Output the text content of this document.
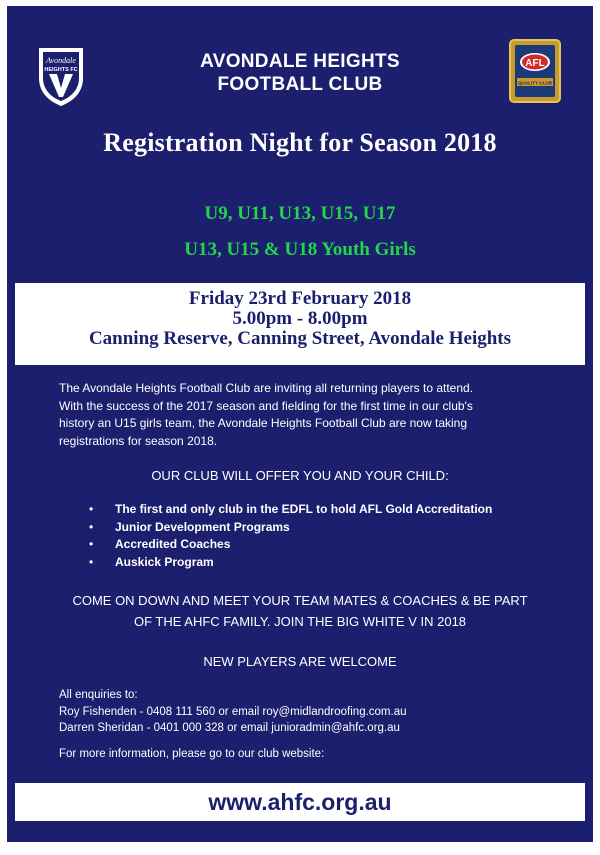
Avondale
HEIGHTS FC	AVONDALE HEIGHTS
FOOTBALL CLUB
AFL
QUALITY CLUB
Registration Night for Season 2018
U9, U11, U13, U15, U17
U13, U15 & U18 Youth Girls
Friday 23rd February 2018
5.00pm - 8.00pm
Canning Reserve, Canning Street, Avondale Heights
The Avondale Heights Football Club are inviting all returning players to attend.
With the success of the 2017 season and fielding for the first time in our club's
history an U15 girls team, the Avondale Heights Football Club are now taking
registrations for season 2018.
OUR CLUB WILL OFFER YOU AND YOUR CHILD:
• The first and only club in the EDFL to hold AFL Gold Accreditation
• Junior Development Programs
• Accredited Coaches
• Auskick Program
COME ON DOWN AND MEET YOUR TEAM MATES & COACHES & BE PART
OF THE AHFC FAMILY. JOIN THE BIG WHITE V IN 2018
NEW PLAYERS ARE WELCOME
All enquiries to:
Roy Fishenden - 0408 111 560 or email roy@midlandroofing.com.au
Darren Sheridan - 0401 000 328 or email junioradmin@ahfc.org.au
For more information, please go to our club website:
www.ahfc.org.au
